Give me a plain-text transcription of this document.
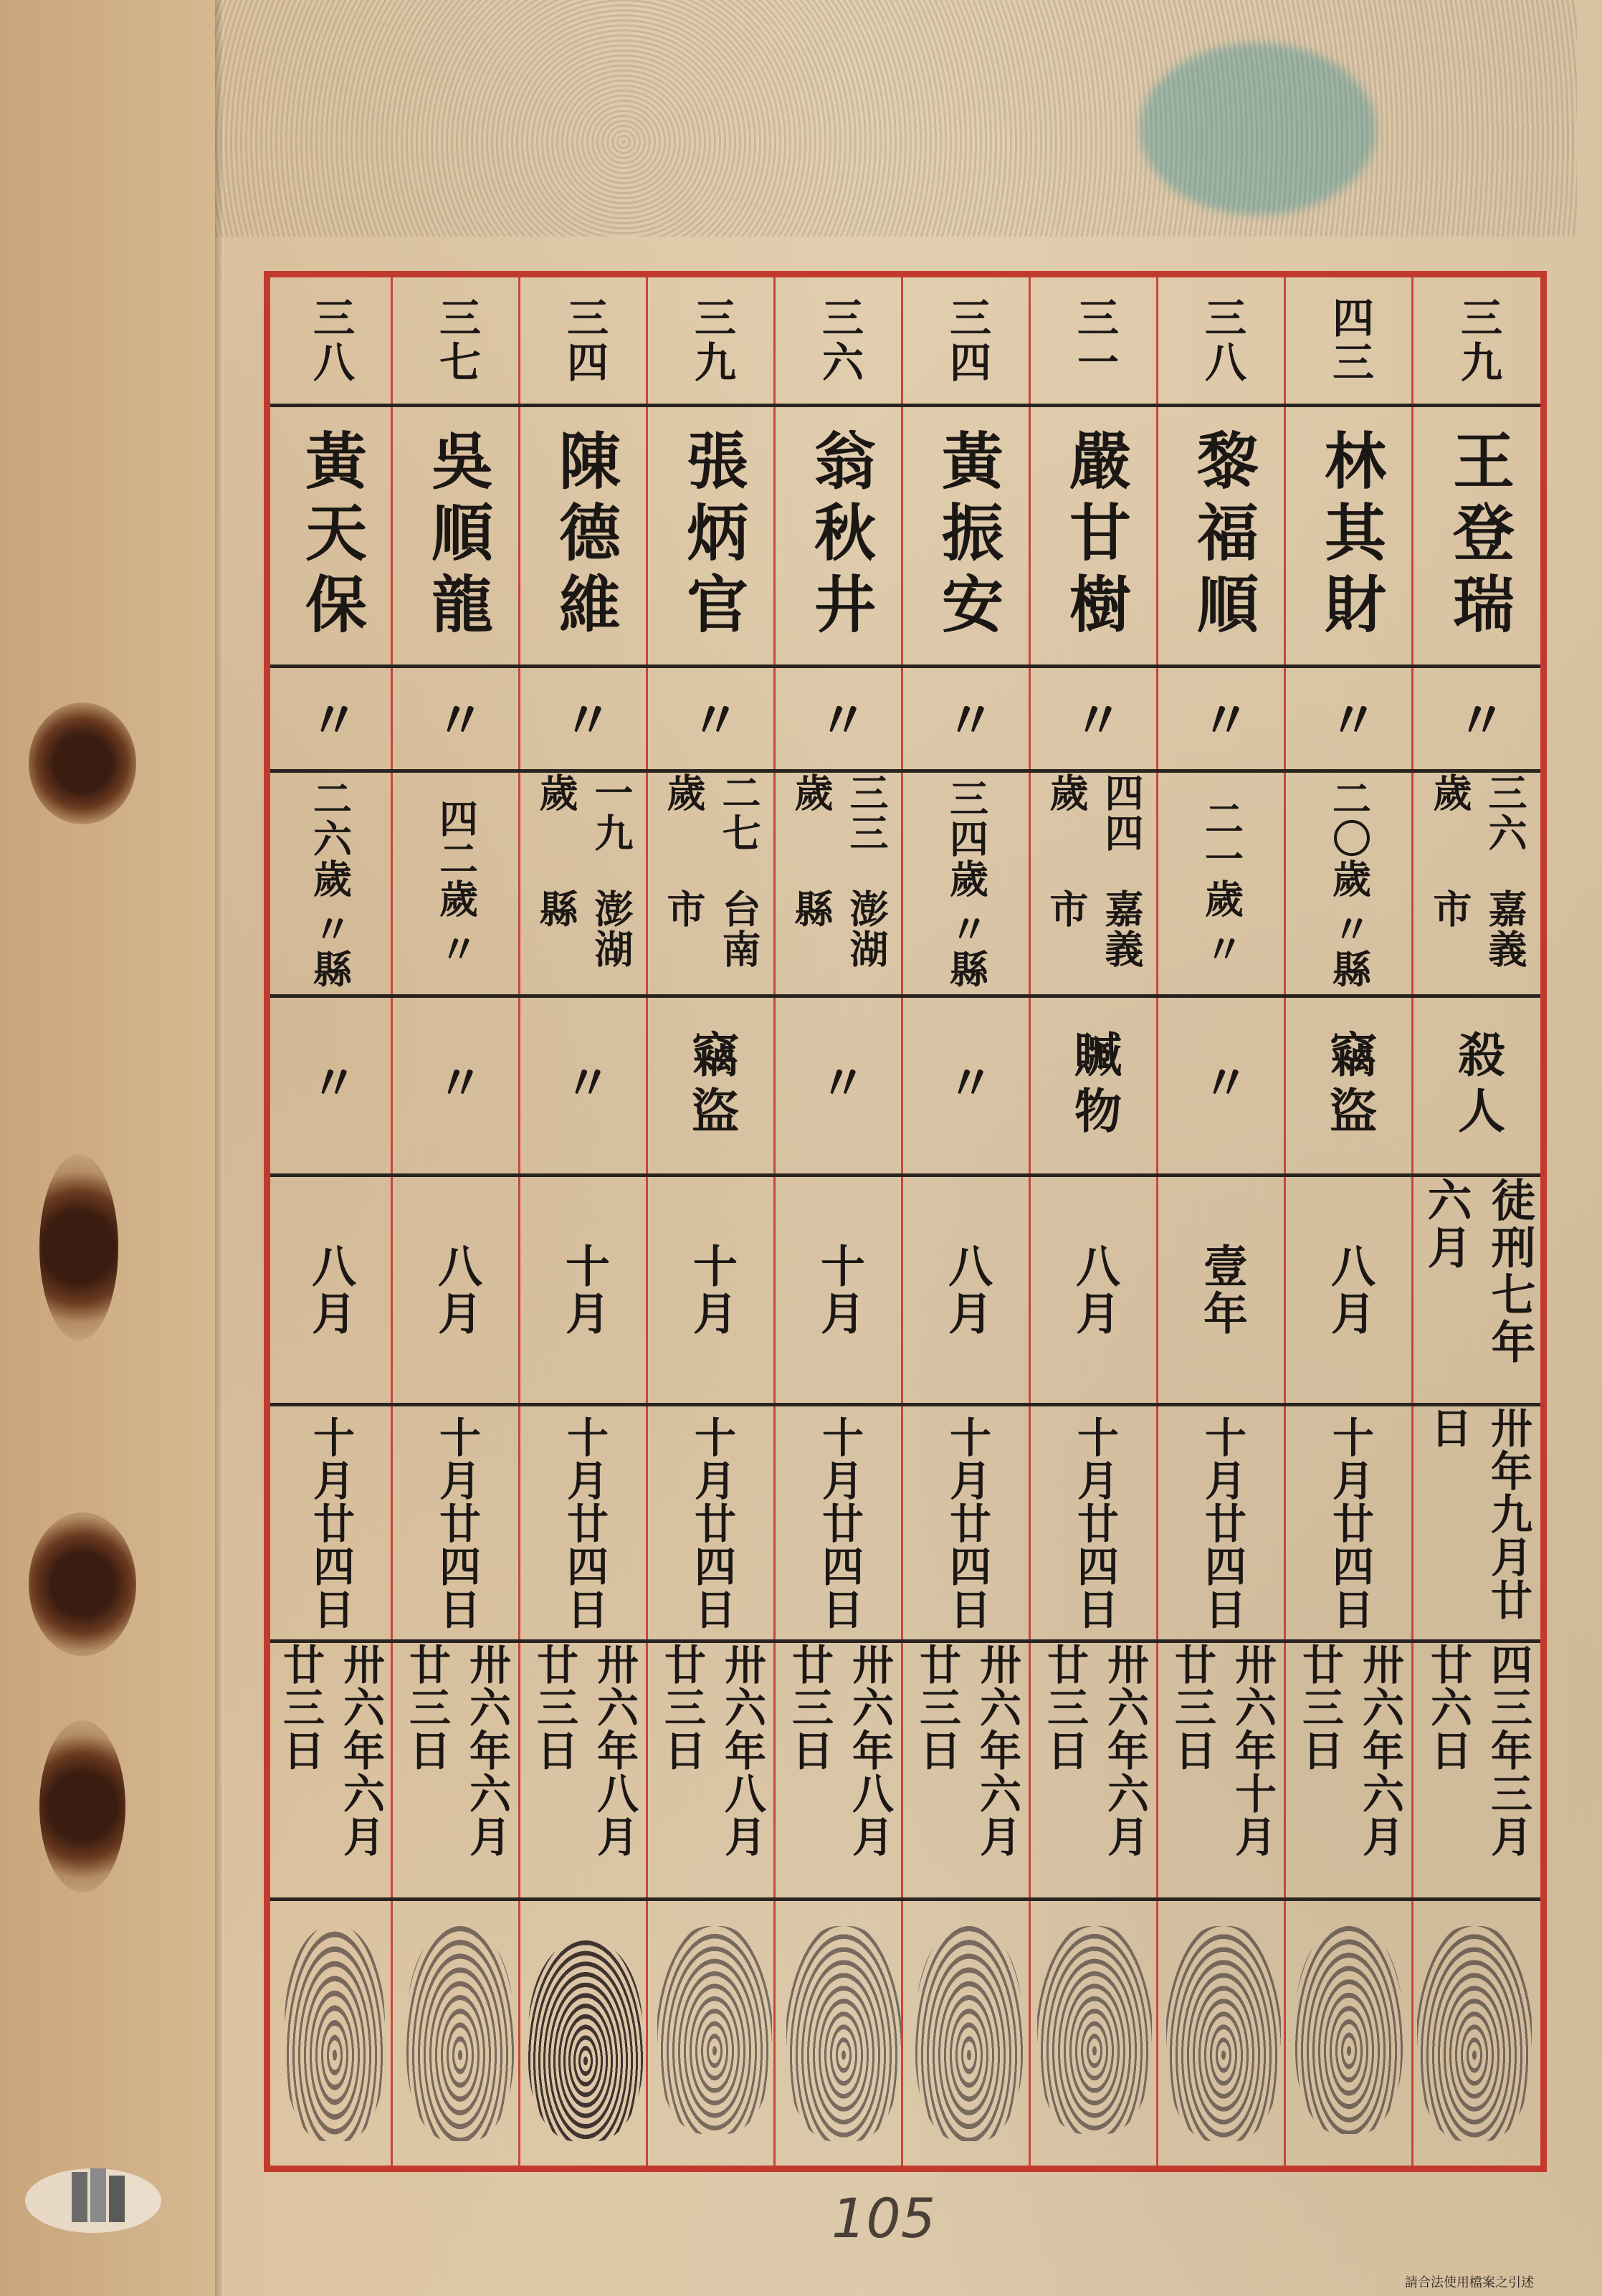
三九
王登瑞
〃
三六歲
嘉義市
殺人
徒刑七年六月
卅年九月廿日
四三年三月廿六日
四三
林其財
〃
二〇歲
〃縣
竊盜
八月
十月廿四日
卅六年六月廿三日
三八
黎福順
〃
二一歲
〃
〃
壹年
十月廿四日
卅六年十月廿三日
三一
嚴甘樹
〃
四四歲
嘉義市
贓物
八月
十月廿四日
卅六年六月廿三日
三四
黃振安
〃
三四歲
〃縣
〃
八月
十月廿四日
卅六年六月廿三日
三六
翁秋井
〃
三三歲
澎湖縣
〃
十月
十月廿四日
卅六年八月廿三日
三九
張炳官
〃
二七歲
台南市
竊盜
十月
十月廿四日
卅六年八月廿三日
三四
陳德維
〃
一九歲
澎湖縣
〃
十月
十月廿四日
卅六年八月廿三日
三七
吳順龍
〃
四二歲
〃
〃
八月
十月廿四日
卅六年六月廿三日
三八
黃天保
〃
二六歲
〃縣
〃
八月
十月廿四日
卅六年六月廿三日
105
請合法使用檔案之引述
